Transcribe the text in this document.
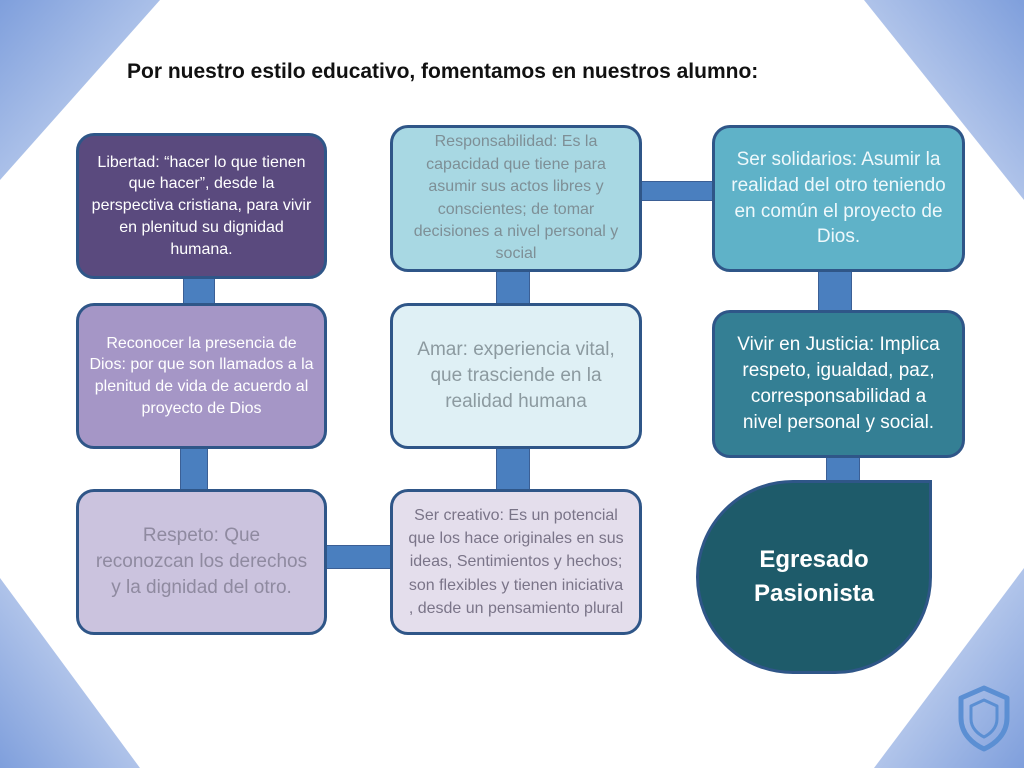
Por nuestro estilo educativo, fomentamos en nuestros alumno:
Libertad: “hacer lo que tienen que hacer”, desde la perspectiva cristiana, para vivir en plenitud su dignidad humana.
Reconocer la presencia de Dios: por que son llamados a la plenitud de vida de acuerdo al proyecto de Dios
Respeto: Que reconozcan los derechos y la dignidad del otro.
Responsabilidad: Es la capacidad que tiene para asumir sus actos libres y conscientes; de tomar decisiones a nivel personal y social
Amar: experiencia vital, que trasciende en la realidad humana
Ser creativo: Es un potencial que los hace originales en sus ideas, Sentimientos y hechos; son flexibles y tienen iniciativa , desde un pensamiento plural
Ser solidarios: Asumir la realidad del otro teniendo en común el proyecto de Dios.
Vivir en Justicia: Implica respeto, igualdad, paz, corresponsabilidad a nivel personal y social.
Egresado
Pasionista
